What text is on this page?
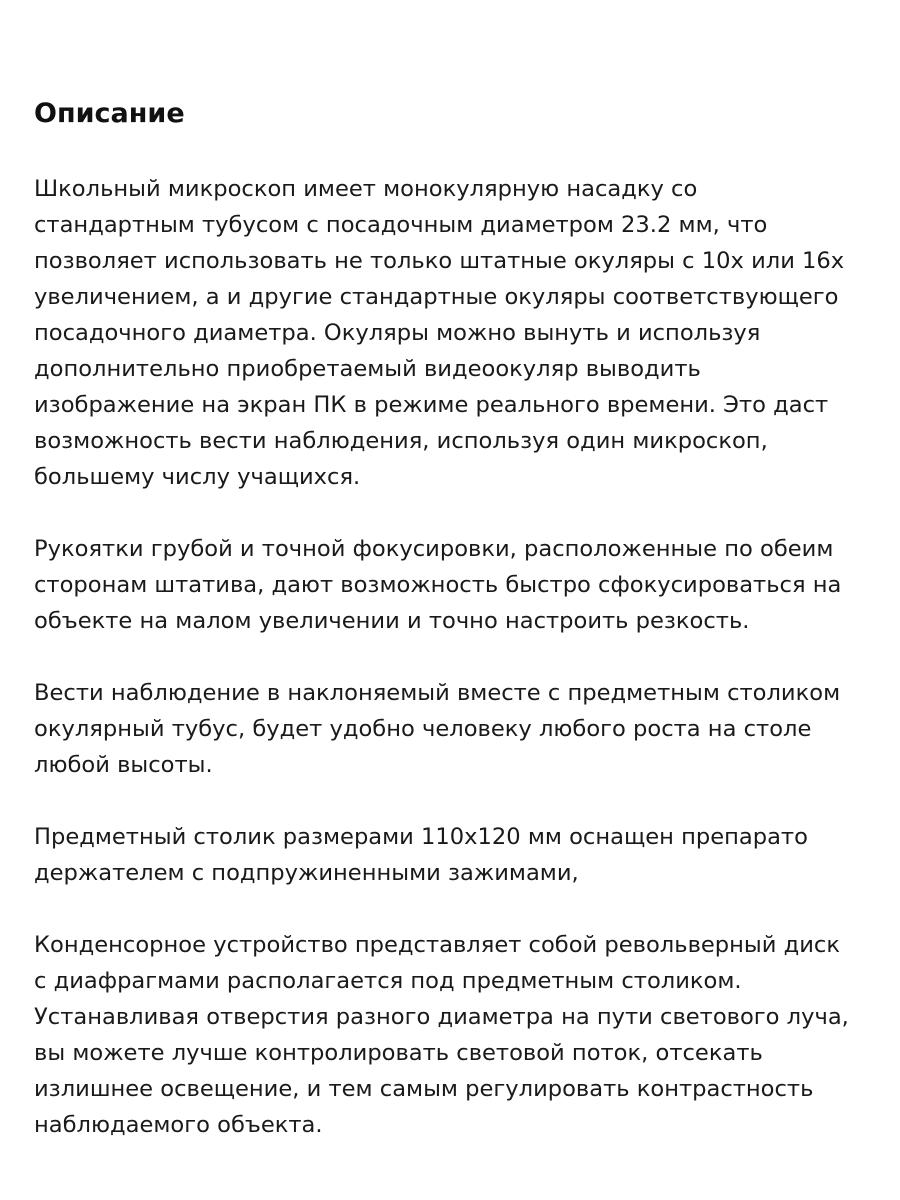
Описание

Школьный микроскоп имеет монокулярную насадку со
стандартным тубусом с посадочным диаметром 23.2 мм, что
позволяет использовать не только штатные окуляры с 10х или 16х
увеличением, а и другие стандартные окуляры соответствующего
посадочного диаметра. Окуляры можно вынуть и используя
дополнительно приобретаемый видеоокуляр выводить
изображение на экран ПК в режиме реального времени. Это даст
возможность вести наблюдения, используя один микроскоп,
большему числу учащихся.

Рукоятки грубой и точной фокусировки, расположенные по обеим
сторонам штатива, дают возможность быстро сфокусироваться на
объекте на малом увеличении и точно настроить резкость.

Вести наблюдение в наклоняемый вместе с предметным столиком
окулярный тубус, будет удобно человеку любого роста на столе
любой высоты.

Предметный столик размерами 110х120 мм оснащен препарато
держателем с подпружиненными зажимами,

Конденсорное устройство представляет собой револьверный диск
с диафрагмами располагается под предметным столиком.
Устанавливая отверстия разного диаметра на пути светового луча,
вы можете лучше контролировать световой поток, отсекать
излишнее освещение, и тем самым регулировать контрастность
наблюдаемого объекта.
